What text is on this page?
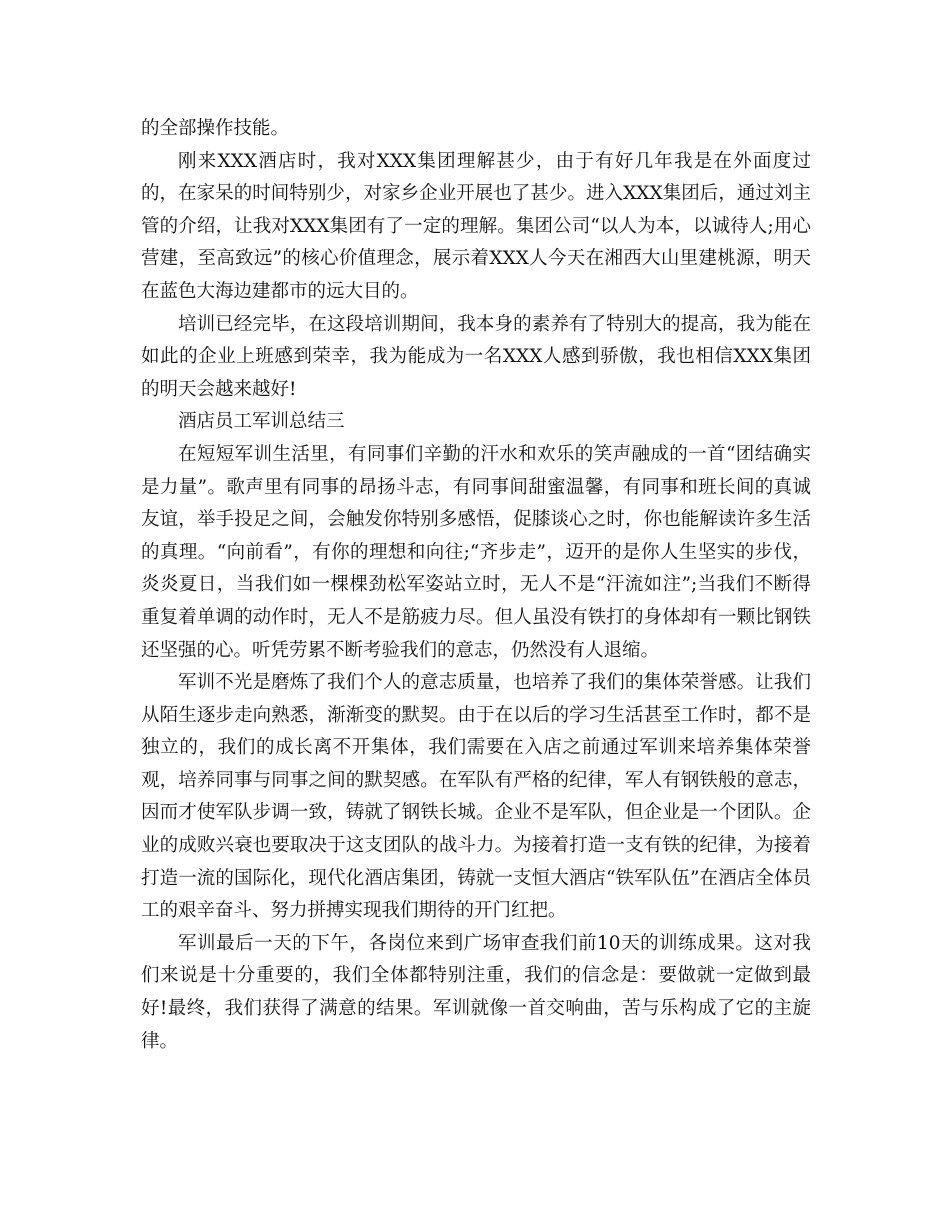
的全部操作技能。

刚来XXX酒店时，我对XXX集团理解甚少，由于有好几年我是在外面度过的，在家呆的时间特别少，对家乡企业开展也了甚少。进入XXX集团后，通过刘主管的介绍，让我对XXX集团有了一定的理解。集团公司“以人为本，以诚待人;用心营建，至高致远”的核心价值理念，展示着XXX人今天在湘西大山里建桃源，明天在蓝色大海边建都市的远大目的。

培训已经完毕，在这段培训期间，我本身的素养有了特别大的提高，我为能在如此的企业上班感到荣幸，我为能成为一名XXX人感到骄傲，我也相信XXX集团的明天会越来越好!

酒店员工军训总结三

在短短军训生活里，有同事们辛勤的汗水和欢乐的笑声融成的一首“团结确实是力量”。歌声里有同事的昂扬斗志，有同事间甜蜜温馨，有同事和班长间的真诚友谊，举手投足之间，会触发你特别多感悟，促膝谈心之时，你也能解读许多生活的真理。“向前看”，有你的理想和向往;“齐步走”，迈开的是你人生坚实的步伐，炎炎夏日，当我们如一棵棵劲松军姿站立时，无人不是“汗流如注”;当我们不断得重复着单调的动作时，无人不是筋疲力尽。但人虽没有铁打的身体却有一颗比钢铁还坚强的心。听凭劳累不断考验我们的意志，仍然没有人退缩。

军训不光是磨炼了我们个人的意志质量，也培养了我们的集体荣誉感。让我们从陌生逐步走向熟悉，渐渐变的默契。由于在以后的学习生活甚至工作时，都不是独立的，我们的成长离不开集体，我们需要在入店之前通过军训来培养集体荣誉观，培养同事与同事之间的默契感。在军队有严格的纪律，军人有钢铁般的意志，因而才使军队步调一致，铸就了钢铁长城。企业不是军队，但企业是一个团队。企业的成败兴衰也要取决于这支团队的战斗力。为接着打造一支有铁的纪律，为接着打造一流的国际化，现代化酒店集团，铸就一支恒大酒店“铁军队伍”在酒店全体员工的艰辛奋斗、努力拼搏实现我们期待的开门红把。

军训最后一天的下午，各岗位来到广场审查我们前10天的训练成果。这对我们来说是十分重要的，我们全体都特别注重，我们的信念是：要做就一定做到最好!最终，我们获得了满意的结果。军训就像一首交响曲，苦与乐构成了它的主旋律。
